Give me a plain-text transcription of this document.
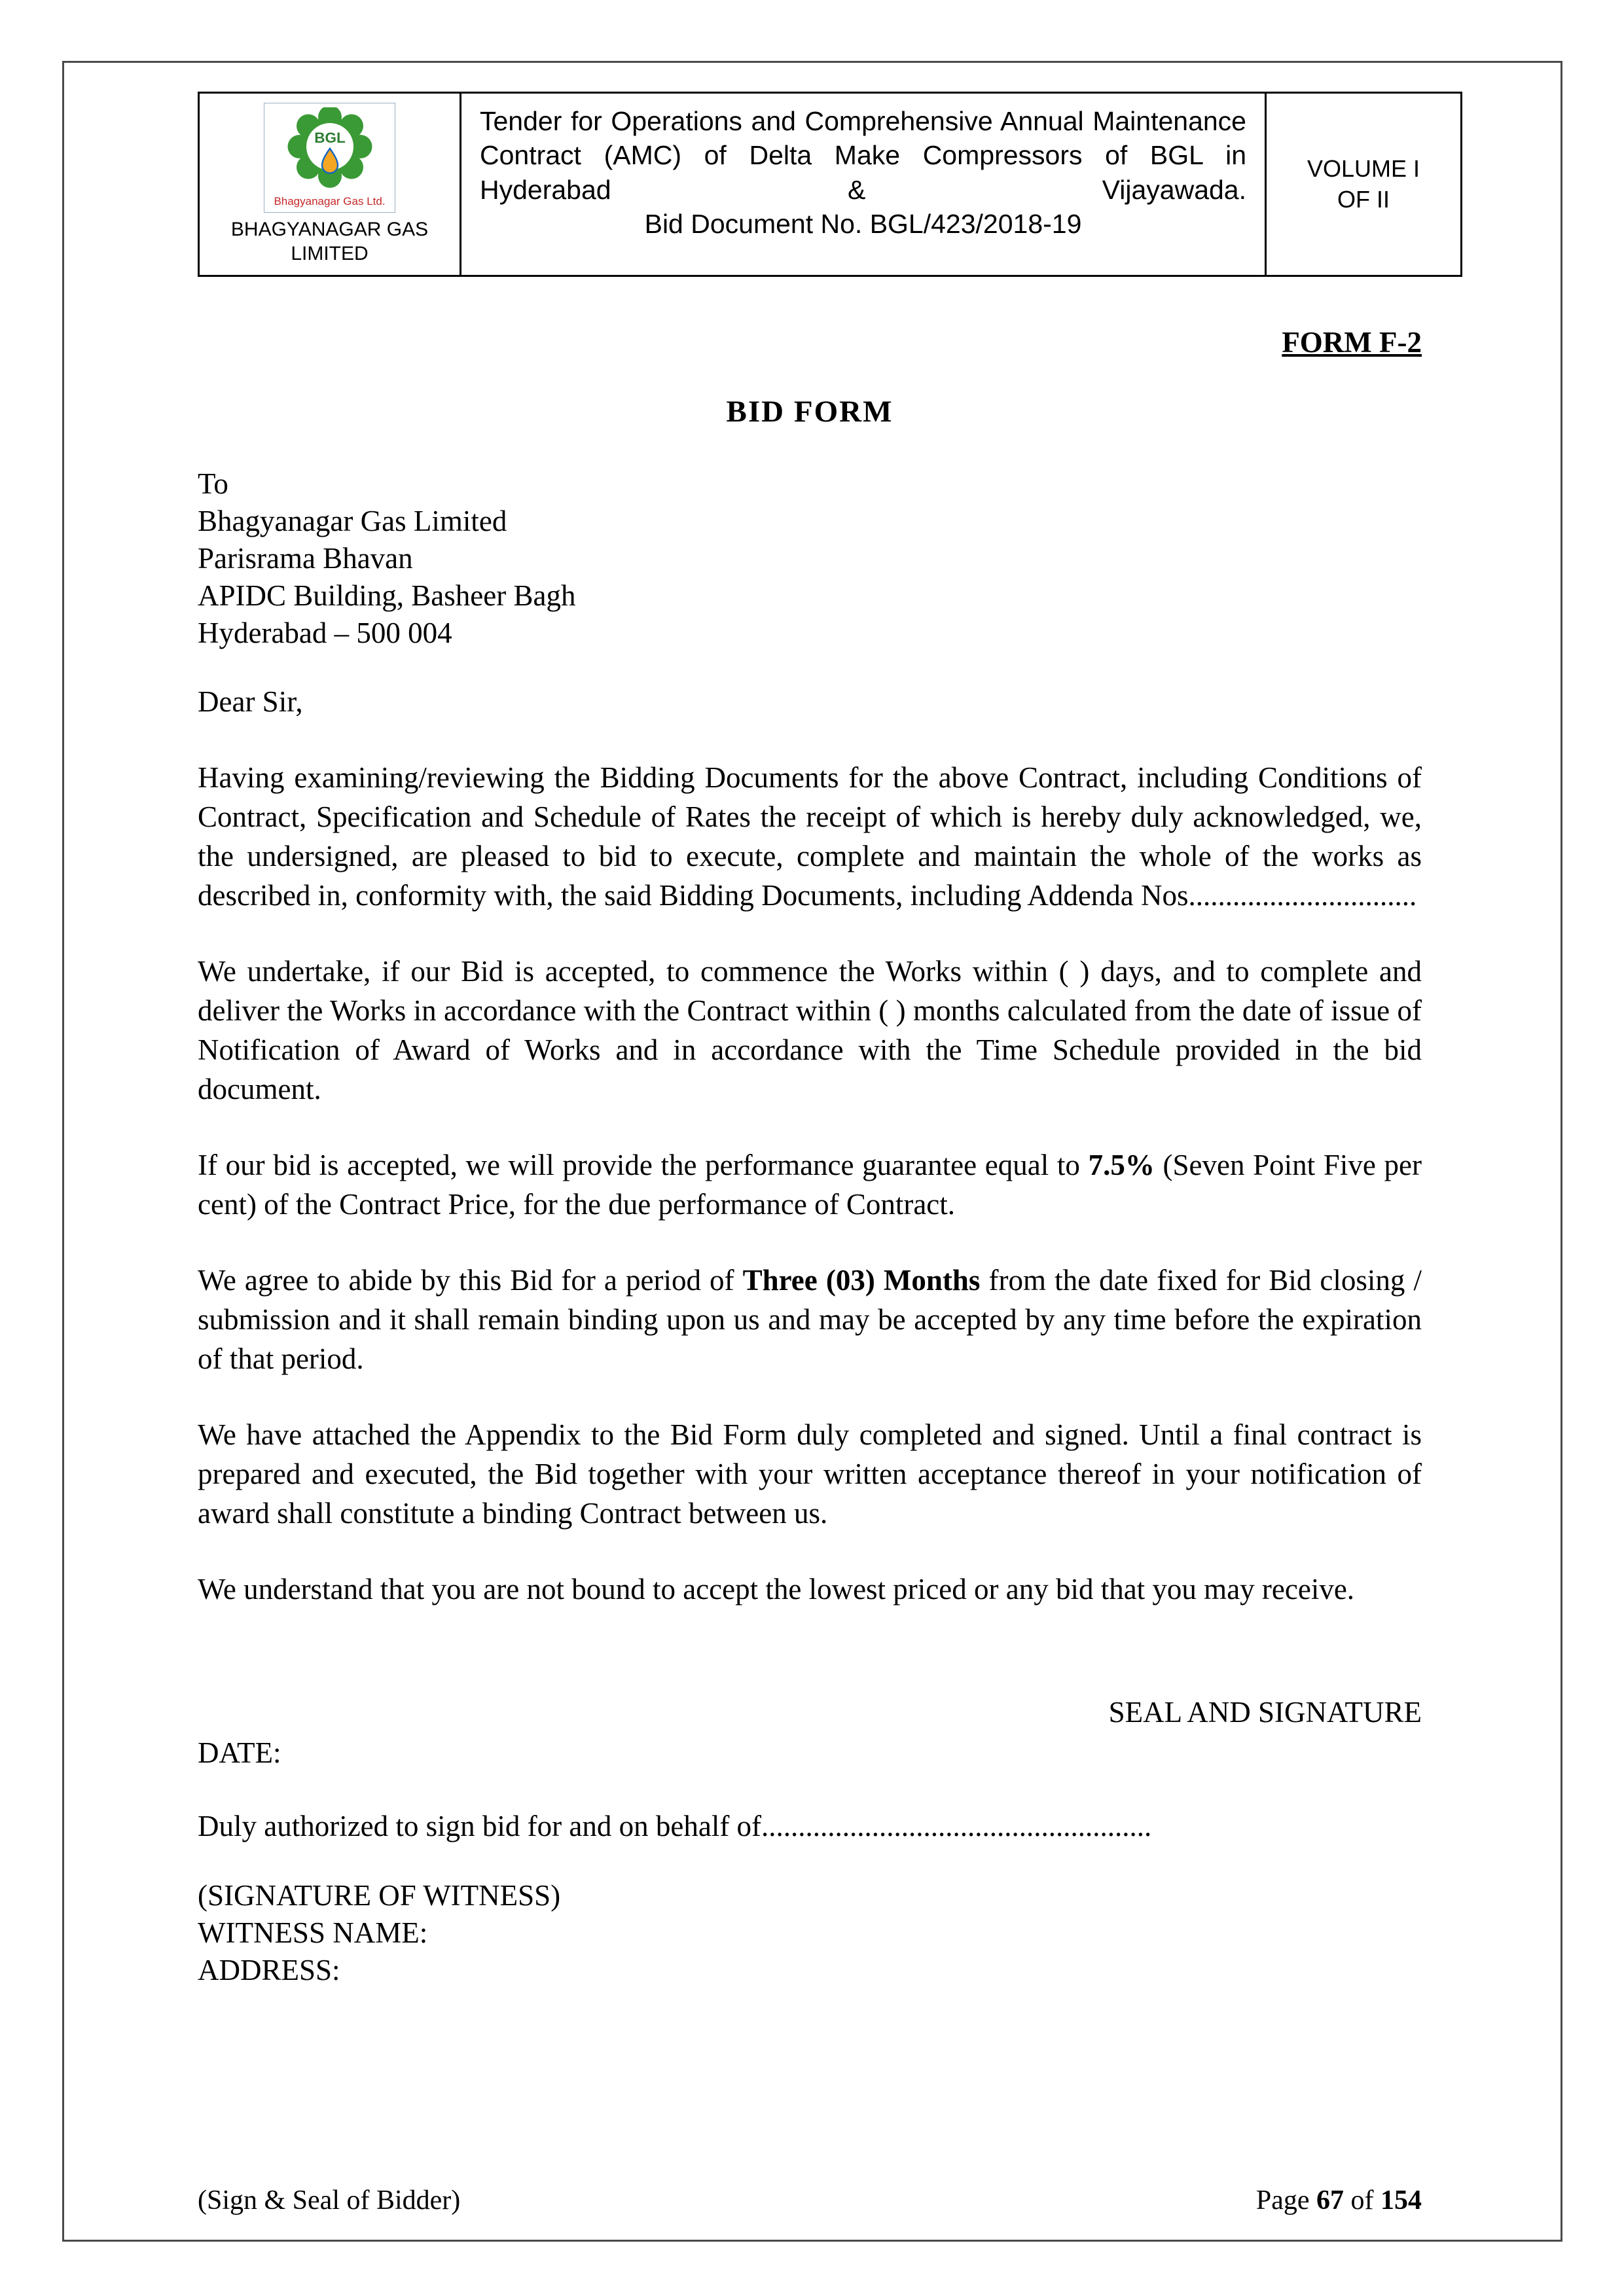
BGL
Bhagyanagar Gas Ltd.
BHAGYANAGAR GAS LIMITED
Tender for Operations and Comprehensive Annual Maintenance Contract (AMC) of Delta Make Compressors of BGL in Hyderabad & Vijayawada.
Bid Document No. BGL/423/2018-19
VOLUME I
OF II
FORM F-2
BID FORM
To
Bhagyanagar Gas Limited
Parisrama Bhavan
APIDC Building, Basheer Bagh
Hyderabad – 500 004
Dear Sir,

Having examining/reviewing the Bidding Documents for the above Contract, including Conditions of Contract, Specification and Schedule of Rates the receipt of which is hereby duly acknowledged, we, the undersigned, are pleased to bid to execute, complete and maintain the whole of the works as described in, conformity with, the said Bidding Documents, including Addenda Nos...............................

We undertake, if our Bid is accepted, to commence the Works within ( ) days, and to complete and deliver the Works in accordance with the Contract within ( ) months calculated from the date of issue of Notification of Award of Works and in accordance with the Time Schedule provided in the bid document.

If our bid is accepted, we will provide the performance guarantee equal to 7.5% (Seven Point Five per cent) of the Contract Price, for the due performance of Contract.

We agree to abide by this Bid for a period of Three (03) Months from the date fixed for Bid closing / submission and it shall remain binding upon us and may be accepted by any time before the expiration of that period.

We have attached the Appendix to the Bid Form duly completed and signed. Until a final contract is prepared and executed, the Bid together with your written acceptance thereof in your notification of award shall constitute a binding Contract between us.

We understand that you are not bound to accept the lowest priced or any bid that you may receive.

SEAL AND SIGNATURE
DATE:
Duly authorized to sign bid for and on behalf of.....................................................
(SIGNATURE OF WITNESS)
WITNESS NAME:
ADDRESS:
(Sign & Seal of Bidder)	Page 67 of 154
